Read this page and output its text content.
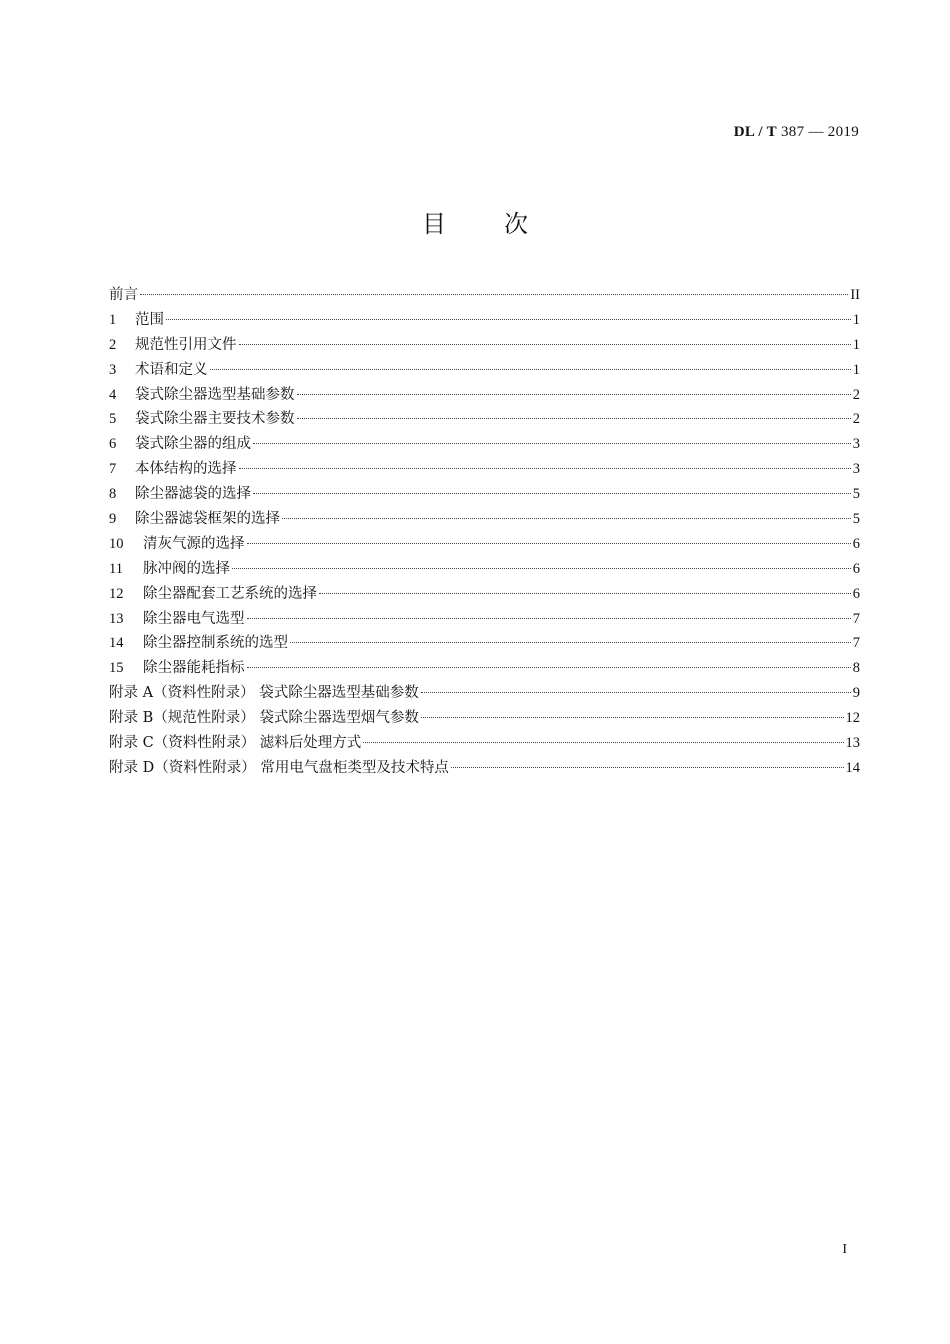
DL / T 387 — 2019
目次
前言	II
1	范围	1
2	规范性引用文件	1
3	术语和定义	1
4	袋式除尘器选型基础参数	2
5	袋式除尘器主要技术参数	2
6	袋式除尘器的组成	3
7	本体结构的选择	3
8	除尘器滤袋的选择	5
9	除尘器滤袋框架的选择	5
10	清灰气源的选择	6
11	脉冲阀的选择	6
12	除尘器配套工艺系统的选择	6
13	除尘器电气选型	7
14	除尘器控制系统的选型	7
15	除尘器能耗指标	8
附录 A（资料性附录） 袋式除尘器选型基础参数	9
附录 B（规范性附录） 袋式除尘器选型烟气参数	12
附录 C（资料性附录） 滤料后处理方式	13
附录 D（资料性附录） 常用电气盘柜类型及技术特点	14
I
